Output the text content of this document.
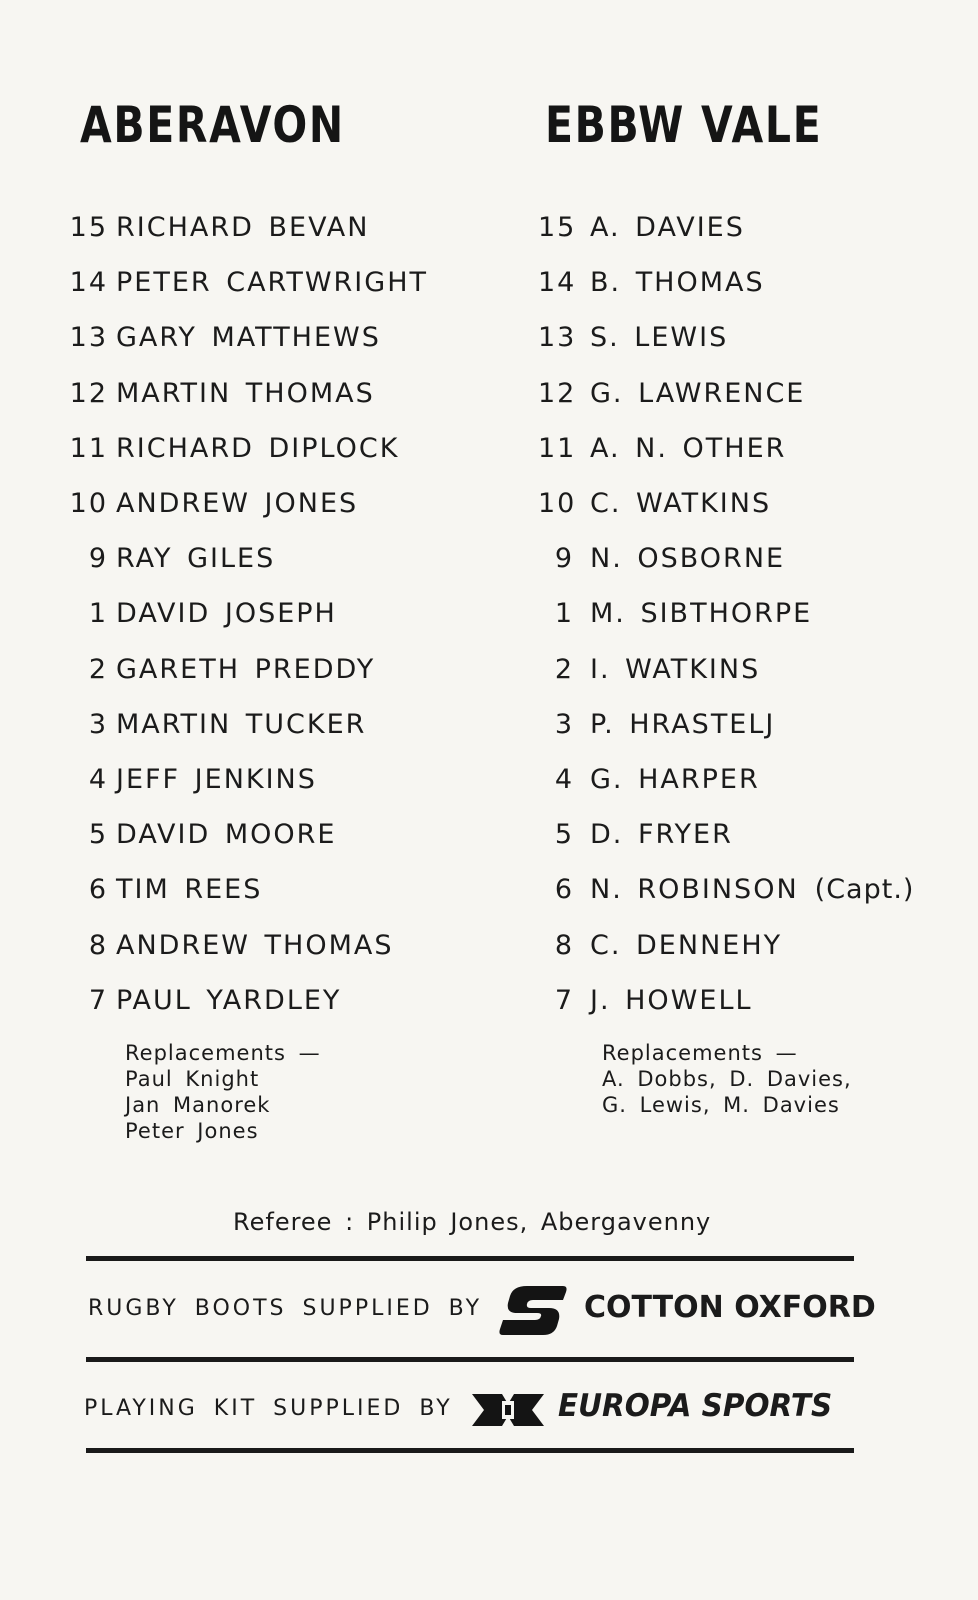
ABERAVON	EBBW VALE
15 RICHARD BEVAN
14 PETER CARTWRIGHT
13 GARY MATTHEWS
12 MARTIN THOMAS
11 RICHARD DIPLOCK
10 ANDREW JONES
9 RAY GILES
1 DAVID JOSEPH
2 GARETH PREDDY
3 MARTIN TUCKER
4 JEFF JENKINS
5 DAVID MOORE
6 TIM REES
8 ANDREW THOMAS
7 PAUL YARDLEY
15 A. DAVIES
14 B. THOMAS
13 S. LEWIS
12 G. LAWRENCE
11 A. N. OTHER
10 C. WATKINS
9 N. OSBORNE
1 M. SIBTHORPE
2 I. WATKINS
3 P. HRASTELJ
4 G. HARPER
5 D. FRYER
6 N. ROBINSON (Capt.)
8 C. DENNEHY
7 J. HOWELL
Replacements —
Paul Knight
Jan Manorek
Peter Jones
Replacements —
A. Dobbs, D. Davies,
G. Lewis, M. Davies
Referee : Philip Jones, Abergavenny
RUGBY BOOTS SUPPLIED BY	COTTON OXFORD
PLAYING KIT SUPPLIED BY	EUROPA SPORTS
